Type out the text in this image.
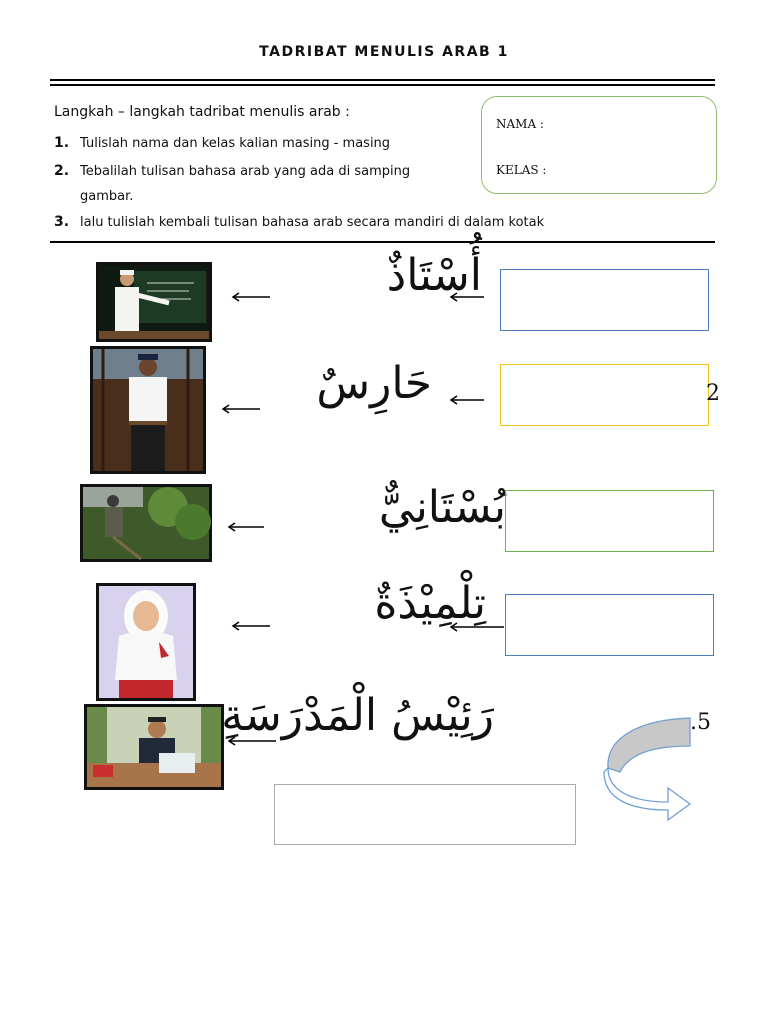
TADRIBAT MENULIS ARAB 1
Langkah – langkah tadribat menulis arab :
1. Tulislah nama dan kelas kalian masing - masing
2. Tebalilah tulisan bahasa arab yang ada di samping
gambar.
3. lalu tulislah kembali tulisan bahasa arab secara mandiri di dalam kotak
NAMA :
KELAS :
أُسْتَاذٌ
حَارِسٌ	2
بُسْتَانِيٌّ
تِلْمِيْذَةٌ
رَئِيْسُ الْمَدْرَسَةِ	.5
